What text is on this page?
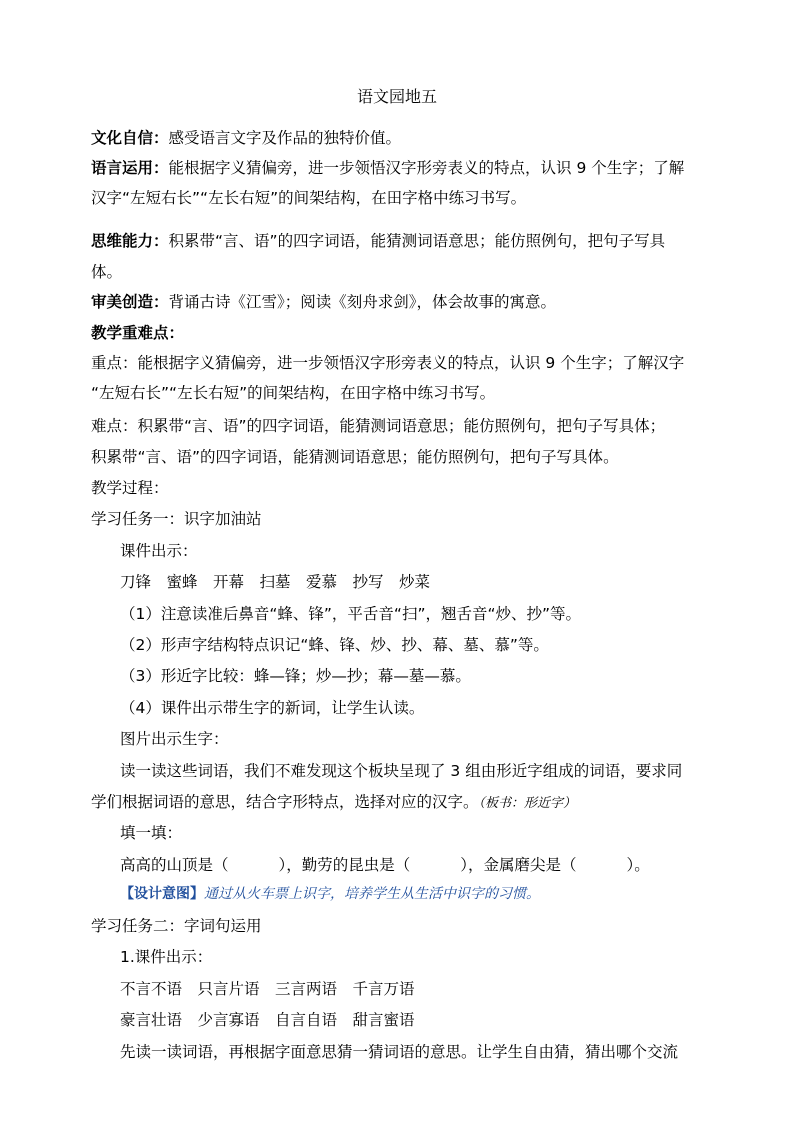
语文园地五
文化自信：感受语言文字及作品的独特价值。
语言运用：能根据字义猜偏旁，进一步领悟汉字形旁表义的特点，认识 9 个生字；了解
汉字“左短右长”“左长右短”的间架结构，在田字格中练习书写。
思维能力：积累带“言、语”的四字词语，能猜测词语意思；能仿照例句，把句子写具
体。
审美创造：背诵古诗《江雪》；阅读《刻舟求剑》，体会故事的寓意。
教学重难点：
重点：能根据字义猜偏旁，进一步领悟汉字形旁表义的特点，认识 9 个生字；了解汉字
“左短右长”“左长右短”的间架结构，在田字格中练习书写。
难点：积累带“言、语”的四字词语，能猜测词语意思；能仿照例句，把句子写具体；
积累带“言、语”的四字词语，能猜测词语意思；能仿照例句，把句子写具体。
教学过程：
学习任务一：识字加油站
课件出示：
刀锋　蜜蜂　开幕　扫墓　爱慕　抄写　炒菜
（1）注意读准后鼻音“蜂、锋”，平舌音“扫”，翘舌音“炒、抄”等。
（2）形声字结构特点识记“蜂、锋、炒、抄、幕、墓、慕”等。
（3）形近字比较：蜂—锋；炒—抄；幕—墓—慕。
（4）课件出示带生字的新词，让学生认读。
图片出示生字：
读一读这些词语，我们不难发现这个板块呈现了 3 组由形近字组成的词语，要求同
学们根据词语的意思，结合字形特点，选择对应的汉字。（板书：形近字）
填一填：
高高的山顶是（	），勤劳的昆虫是（	），金属磨尖是（	）。
【设计意图】通过从火车票上识字，培养学生从生活中识字的习惯。
学习任务二：字词句运用
1.课件出示：
不言不语　只言片语　三言两语　千言万语
豪言壮语　少言寡语　自言自语　甜言蜜语
先读一读词语，再根据字面意思猜一猜词语的意思。让学生自由猜，猜出哪个交流
